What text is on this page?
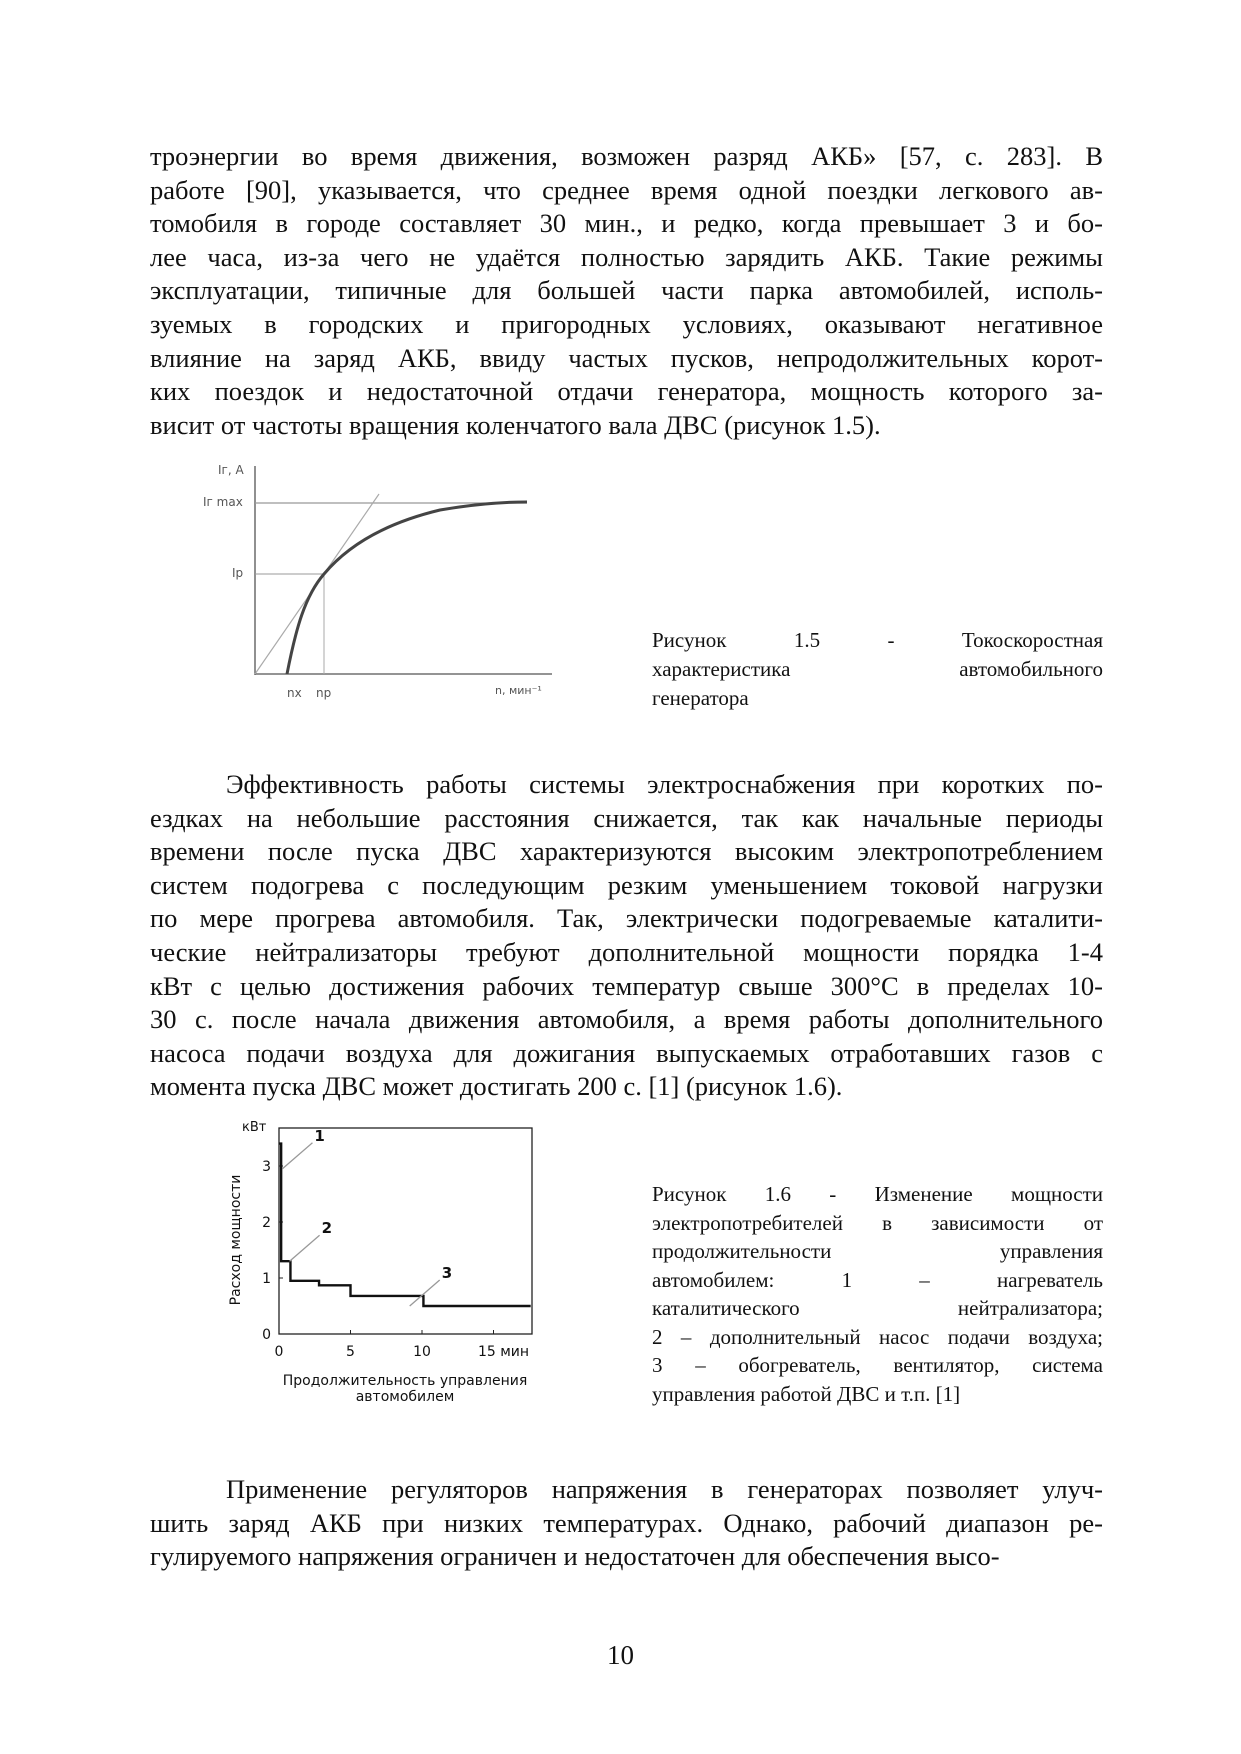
троэнергии во время движения, возможен разряд АКБ» [57, с. 283]. В
работе [90], указывается, что среднее время одной поездки легкового ав-
томобиля в городе составляет 30 мин., и редко, когда превышает 3 и бо-
лее часа, из-за чего не удаётся полностью зарядить АКБ. Такие режимы
эксплуатации, типичные для большей части парка автомобилей, исполь-
зуемых в городских и пригородных условиях, оказывают негативное
влияние на заряд АКБ, ввиду частых пусков, непродолжительных корот-
ких поездок и недостаточной отдачи генератора, мощность которого за-
висит от частоты вращения коленчатого вала ДВС (рисунок 1.5).
Iг, А
Iг max
Iр
nх nр	n, мин⁻¹
Рисунок 1.5 - Токоскоростная
характеристика автомобильного
генератора
Эффективность работы системы электроснабжения при коротких по-
ездках на небольшие расстояния снижается, так как начальные периоды
времени после пуска ДВС характеризуются высоким электропотреблением
систем подогрева с последующим резким уменьшением токовой нагрузки
по мере прогрева автомобиля. Так, электрически подогреваемые каталити-
ческие нейтрализаторы требуют дополнительной мощности порядка 1-4
кВт с целью достижения рабочих температур свыше 300°С в пределах 10-
30 с. после начала движения автомобиля, а время работы дополнительного
насоса подачи воздуха для дожигания выпускаемых отработавших газов с
момента пуска ДВС может достигать 200 с. [1] (рисунок 1.6).
0	5	10	15 мин
0
1
2
3
1
2
3
кВт
Расход мощности
Продолжительность управления
автомобилем
Рисунок 1.6 - Изменение мощности
электропотребителей в зависимости от
продолжительности управления
автомобилем: 1 – нагреватель
каталитического нейтрализатора;
2 – дополнительный насос подачи воздуха;
3 – обогреватель, вентилятор, система
управления работой ДВС и т.п. [1]
Применение регуляторов напряжения в генераторах позволяет улуч-
шить заряд АКБ при низких температурах. Однако, рабочий диапазон ре-
гулируемого напряжения ограничен и недостаточен для обеспечения высо-
10
